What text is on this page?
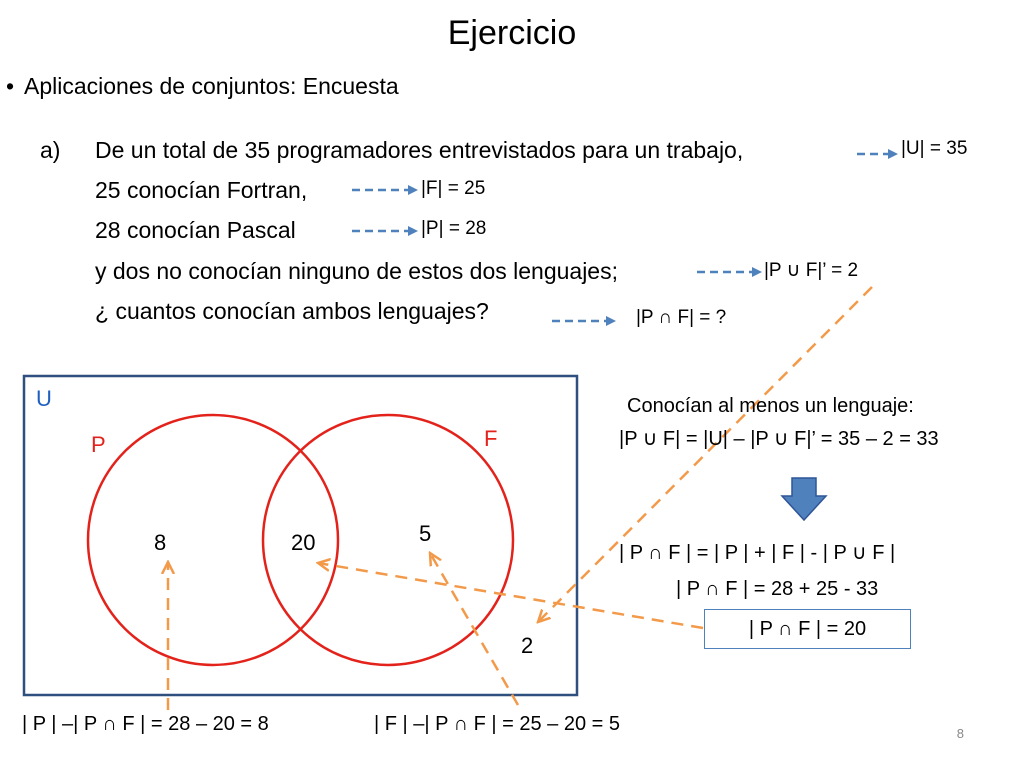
Ejercicio
• Aplicaciones de conjuntos: Encuesta
a) De un total de 35 programadores entrevistados para un trabajo,
25 conocían Fortran,
28 conocían Pascal
y dos no conocían ninguno de estos dos lenguajes;
¿ cuantos conocían ambos lenguajes?
|U| = 35
|F| = 25
|P| = 28
|P ∪ F|’ = 2
|P ∩ F| = ?
U
P	F
8	20	5
2
Conocían al menos un lenguaje:
|P ∪ F| = |U| – |P ∪ F|’ = 35 – 2 = 33
| P ∩ F | = | P | + | F | - | P ∪ F |
| P ∩ F | = 28 + 25 - 33
| P ∩ F | = 20
| P | –| P ∩ F | = 28 – 20 = 8	| F | –| P ∩ F | = 25 – 20 = 5	8
